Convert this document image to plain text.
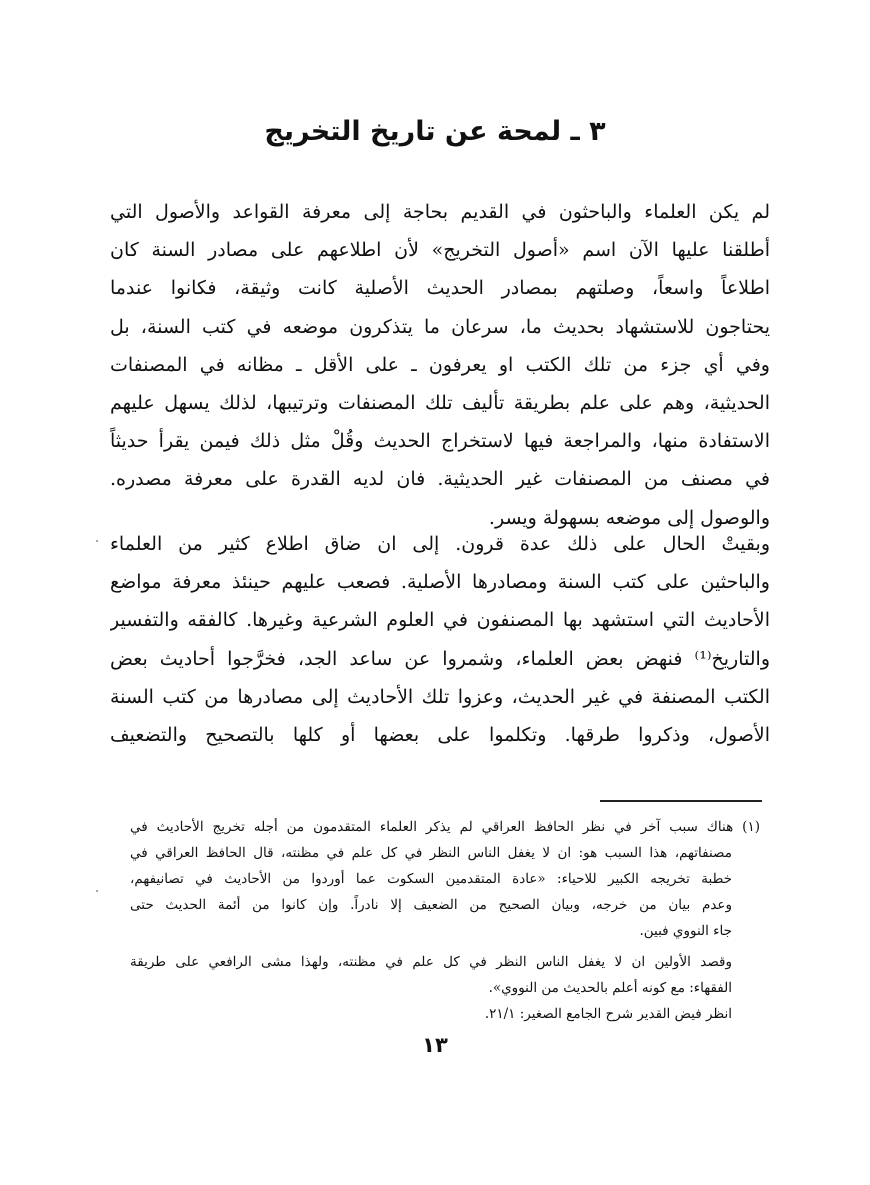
٣ ـ لمحة عن تاريخ التخريج
لم يكن العلماء والباحثون في القديم بحاجة إلى معرفة القواعد والأصول التي
أطلقنا عليها الآن اسم «أصول التخريج» لأن اطلاعهم على مصادر السنة كان
اطلاعاً واسعاً، وصلتهم بمصادر الحديث الأصلية كانت وثيقة، فكانوا عندما
يحتاجون للاستشهاد بحديث ما، سرعان ما يتذكرون موضعه في كتب السنة، بل
وفي أي جزء من تلك الكتب او يعرفون ـ على الأقل ـ مظانه في المصنفات
الحديثية، وهم على علم بطريقة تأليف تلك المصنفات وترتيبها، لذلك يسهل عليهم
الاستفادة منها، والمراجعة فيها لاستخراج الحديث وقُلْ مثل ذلك فيمن يقرأ حديثاً
في مصنف من المصنفات غير الحديثية. فان لديه القدرة على معرفة مصدره.
والوصول إلى موضعه بسهولة ويسر.
وبقيتْ الحال على ذلك عدة قرون. إلى ان ضاق اطلاع كثير من العلماء
والباحثين على كتب السنة ومصادرها الأصلية. فصعب عليهم حينئذ معرفة مواضع
الأحاديث التي استشهد بها المصنفون في العلوم الشرعية وغيرها. كالفقه والتفسير
والتاريخ⁽¹⁾ فنهض بعض العلماء، وشمروا عن ساعد الجد، فخرَّجوا أحاديث بعض
الكتب المصنفة في غير الحديث، وعزوا تلك الأحاديث إلى مصادرها من كتب السنة
الأصول، وذكروا طرقها. وتكلموا على بعضها أو كلها بالتصحيح والتضعيف
(١) هناك سبب آخر في نظر الحافظ العراقي لم يذكر العلماء المتقدمون من أجله تخريج الأحاديث في
مصنفاتهم، هذا السبب هو: ان لا يغفل الناس النظر في كل علم في مظنته، قال الحافظ العراقي في
خطبة تخريجه الكبير للاحياء: «عادة المتقدمين السكوت عما أوردوا من الأحاديث في تصانيفهم،
وعدم بيان من خرجه، وبيان الصحيح من الضعيف إلا نادراً. وإن كانوا من أئمة الحديث حتى
جاء النووي فبين.
وقصد الأولين ان لا يغفل الناس النظر في كل علم في مظنته، ولهذا مشى الرافعي على طريقة
الفقهاء: مع كونه أعلم بالحديث من النووي».
انظر فيض القدير شرح الجامع الصغير: ٢١/١.
١٣
